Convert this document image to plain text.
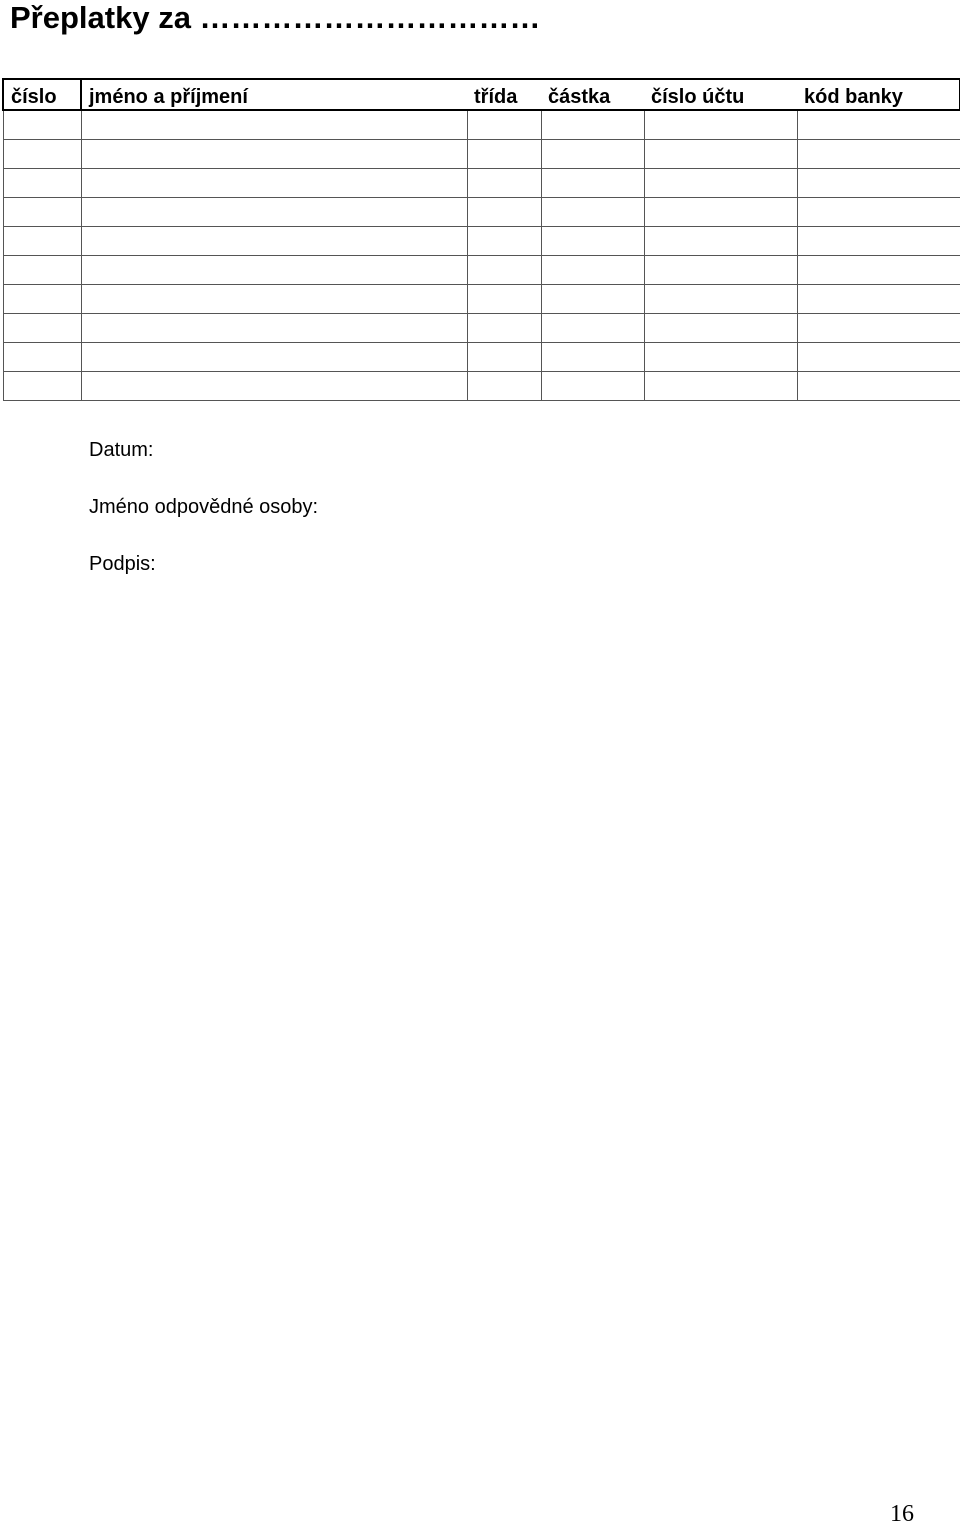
Přeplatky za ……………………………
číslo	jméno a příjmení	třída	částka	číslo účtu	kód banky

Datum:
Jméno odpovědné osoby:
Podpis:
16
